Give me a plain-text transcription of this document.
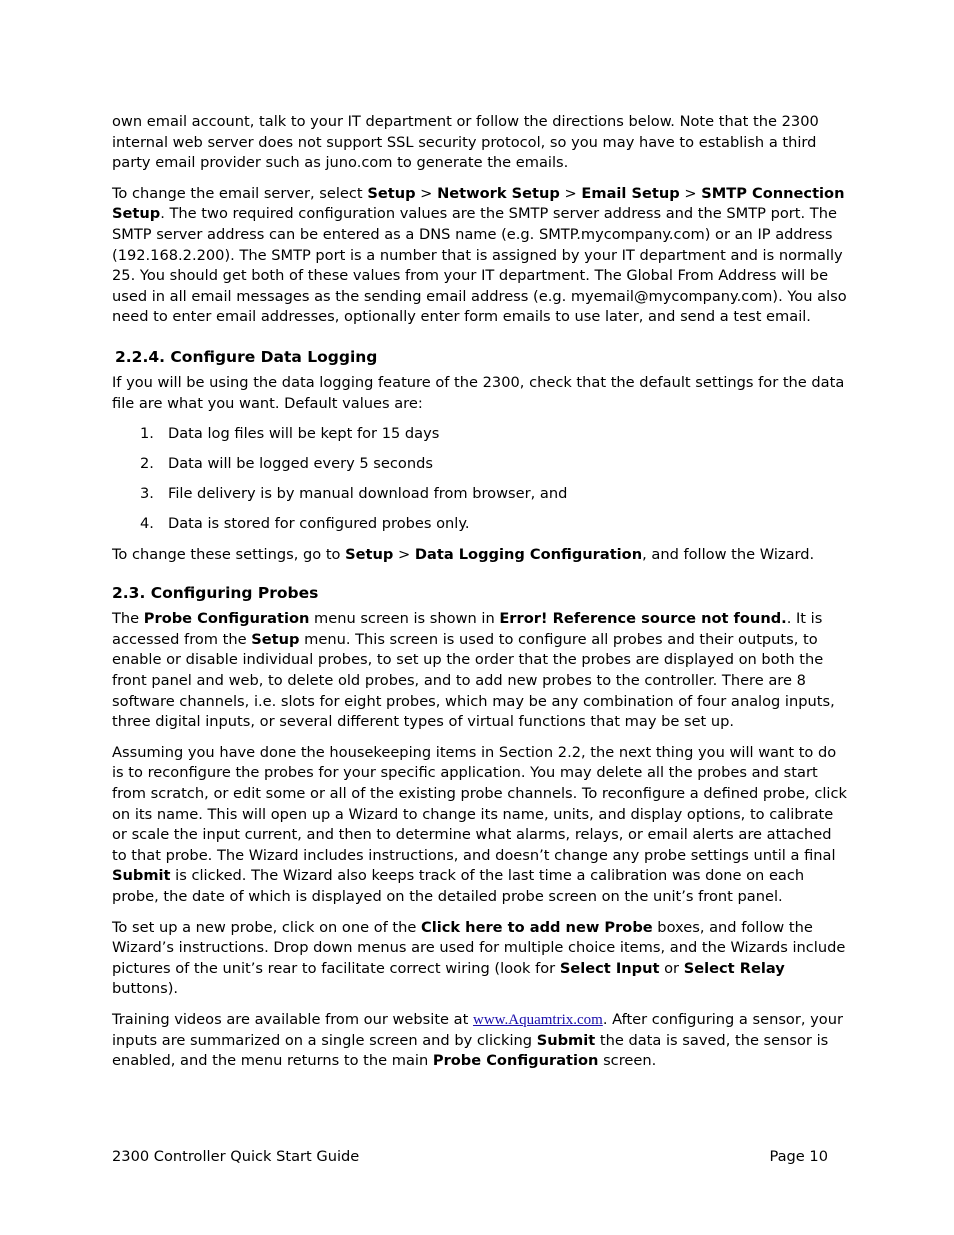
own email account, talk to your IT department or follow the directions below. Note that the 2300 internal web server does not support SSL security protocol, so you may have to establish a third party email provider such as juno.com to generate the emails.

To change the email server, select Setup > Network Setup > Email Setup > SMTP Connection Setup. The two required configuration values are the SMTP server address and the SMTP port. The SMTP server address can be entered as a DNS name (e.g. SMTP.mycompany.com) or an IP address (192.168.2.200). The SMTP port is a number that is assigned by your IT department and is normally 25. You should get both of these values from your IT department. The Global From Address will be used in all email messages as the sending email address (e.g. myemail@mycompany.com). You also need to enter email addresses, optionally enter form emails to use later, and send a test email.

2.2.4. Configure Data Logging

If you will be using the data logging feature of the 2300, check that the default settings for the data file are what you want. Default values are:

1. Data log files will be kept for 15 days
2. Data will be logged every 5 seconds
3. File delivery is by manual download from browser, and
4. Data is stored for configured probes only.

To change these settings, go to Setup > Data Logging Configuration, and follow the Wizard.

2.3. Configuring Probes

The Probe Configuration menu screen is shown in Error! Reference source not found.. It is accessed from the Setup menu. This screen is used to configure all probes and their outputs, to enable or disable individual probes, to set up the order that the probes are displayed on both the front panel and web, to delete old probes, and to add new probes to the controller. There are 8 software channels, i.e. slots for eight probes, which may be any combination of four analog inputs, three digital inputs, or several different types of virtual functions that may be set up.

Assuming you have done the housekeeping items in Section 2.2, the next thing you will want to do is to reconfigure the probes for your specific application. You may delete all the probes and start from scratch, or edit some or all of the existing probe channels. To reconfigure a defined probe, click on its name. This will open up a Wizard to change its name, units, and display options, to calibrate or scale the input current, and then to determine what alarms, relays, or email alerts are attached to that probe. The Wizard includes instructions, and doesn’t change any probe settings until a final Submit is clicked. The Wizard also keeps track of the last time a calibration was done on each probe, the date of which is displayed on the detailed probe screen on the unit’s front panel.

To set up a new probe, click on one of the Click here to add new Probe boxes, and follow the Wizard’s instructions. Drop down menus are used for multiple choice items, and the Wizards include pictures of the unit’s rear to facilitate correct wiring (look for Select Input or Select Relay buttons).

Training videos are available from our website at www.Aquamtrix.com. After configuring a sensor, your inputs are summarized on a single screen and by clicking Submit the data is saved, the sensor is enabled, and the menu returns to the main Probe Configuration screen.

2300 Controller Quick Start Guide	Page 10
